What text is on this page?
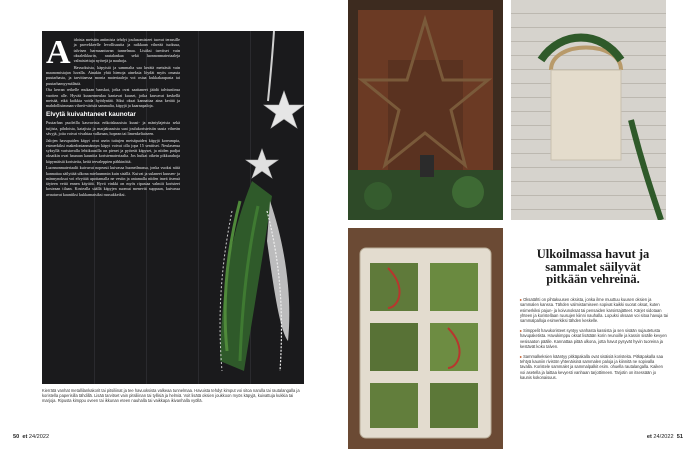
A idoista metsäin antimista tehdyt joulusomisteet tuovat terassille ja parvekkeelle levollisuutta ja raikkaan vihreää tuoksua, talvisen harmaantuvan tunnelmaa. Lisäksi tarvitset vain oksaleikkurin, rautalankaa sekä luonnonmateriaaleja valmistettuja nyörejä ja nauhoja.

Havuoksista, käpyistä ja sammalta saa kerätä metsästä vain maanomistajan luvalla. Ainakin yhtä hienoja aineksia löydät myös omasta puutarhasta, ja tarvittaessa monia materiaaleja voi ostaa kukkakaupasta tai puutarhamyymälästä.

Ota kerran retkelle mukaan banskat, jotka ovat saattaneet jäädä talviuniinsa vuotten alle. Hyvää kuusenneulaa kantavat kuuset, jotka kasvavat keskellä metsää, eikä kaikkia voida hyödyntää. Siksi oksat kannattaa aina kerätä ja mahdollisimman vihreä-väristä sammalta, käpyjä ja kaarnapaloja.

Elvytä kuivahtaneet kaunotar

Puutarhan puoleilla kasvavista erikoiskuusista kuusi- ja mäntylajeista sekä tuijista, pihdoista, katajista ja marjakuusista saat joulukoristeisiin uusia vihreän sävyjä, joita voivat vivahtaa valkeaan, hopean tai limenkeltaiseen.

Jalojen havupuiden käpyt ovat usein tuttujen metsäpuiden käpyjä koreampia, esimerkiksi makedonianmännyn käpyt voivat olla jopa 15 senttiset. Neulasensa syksyllä varistavalla lehtikuusilla on pienet ja pyöreät käpyset, ja niiden padjat oksatkin ovat hauraan kauniita koristemateriaalia. Jos huikat oikein pikkurahoja käpymäisiä koristeita, keitä tervaleppien pähkinöitä.

Luonnonmateriaalit kuivuvat nopeasti kuivassa huoneilmassa, jonka vuoksi niitä kannattaa säilyttää ulkona mieluummin kuin sisällä. Kuivat ja sulaneet kuusen- ja männynoksat voi elvyttää upottamalla ne vesiin ja antamalla niiden imeä itsensä täyteen vettä ennen käyttöä. Hyvä vinkki on myös ripustaa valmiit koristeet kosteaan tilaan. Kostealla säällä käpyjen suomut menevät suppuun, kuivassa avautuvat kauniiksi kukkamaisiksi ruusukkeiksi.

Kierrätä vanhat metallilankakorit tai pitsiliinat ja tee havuoksista valkeaa tunnelmaa. Havuista tehdyt kimput voi sitoa narulla tai rautalangalla ja koristella paperisilla tähdillä. Lisää tarvitset vain pitsiliinan tai tyllisiä ja helmiä. Voit lisätä oksien joukkoon myös käpyjä, kuivattuja kukkia tai marjoja. Ripusta kimppu oveen tai ikkunan eteen nauhalla tai vaikkapa ikivanhalla vyöllä.

50 et 24/2022
Ulkoilmassa havut ja
sammalet säilyvät
pitkään vehreinä.

▸Oksatähti on pihtakuusen oksista, jonka ilme muuttuu kuusen oksien ja sammalen kanssa. Tähden valmistamiseen sopivat kaikki suorat oksat, kuten esimerkiksi pajun- ja koivunoksat tai pensaiden karsintajätteet. Kärjet sidotaan yhteen ja koristellaan ruusujen kiinni nauhalla. Lopuksi oksaan voi sitoa havuja tai sammalpalloja esimerkiksi tähden keskelle.

▸Simppelit havukoristeet syntyy vanhasta kassista ja sen sisään sujautetusta havupaketista. Havukimppu oksat lisätään korin reunoille ja kassin sisälle kevyen vesisaaton päälle. Kannattaa pitää ulkona, jotta havut pysyvät hyvin tuoreina ja kestävät koko talven.

▸Sammalkeksien kääntyy pitkäpakalla ovat sisäisiä koristeita. Pitkäpakalla saa tehtyä kauniin rivistön yhtenäisinä sammalen paloja ja kiinnitä ne sopivalla tavalla. Koristele sammalet ja sammalpalkit esim. ohuella rautalangalla. Kaiken voi asetella ja laittaa kevyesti vanhaan tarjottimeen. Tarjotin on itsessään jo kaunis kokonaisuus.

et 24/2022 51
